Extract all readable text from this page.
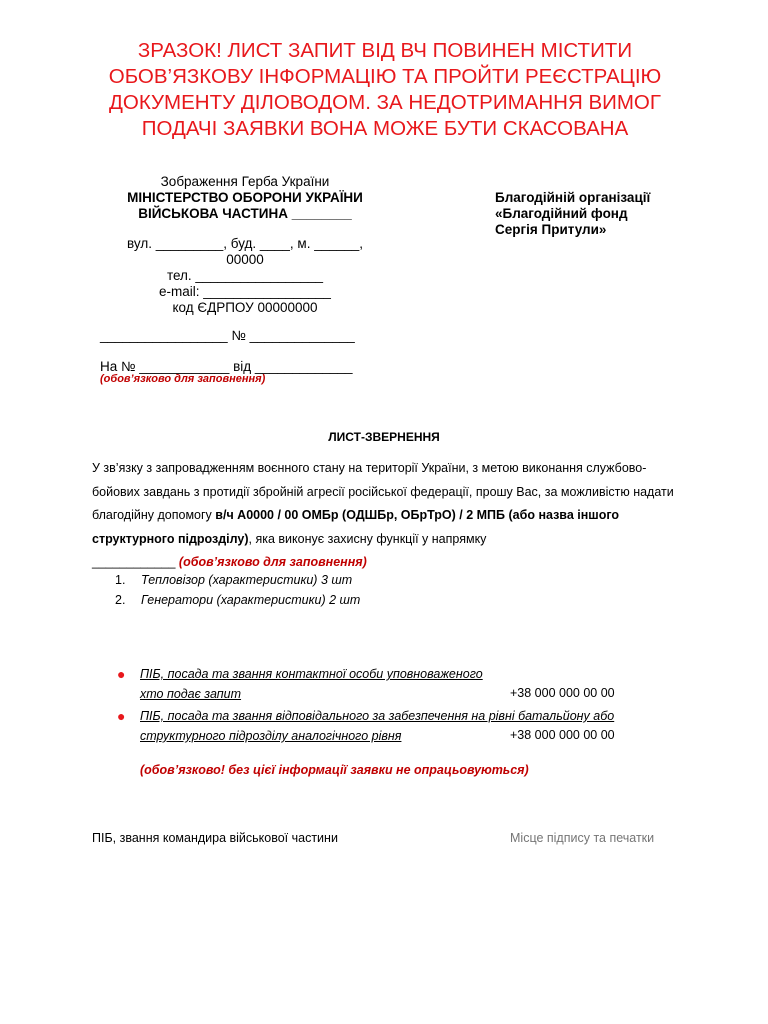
ЗРАЗОК! ЛИСТ ЗАПИТ ВІД ВЧ ПОВИНЕН МІСТИТИ
ОБОВ’ЯЗКОВУ ІНФОРМАЦІЮ ТА ПРОЙТИ РЕЄСТРАЦІЮ
ДОКУМЕНТУ ДІЛОВОДОМ. ЗА НЕДОТРИМАННЯ ВИМОГ
ПОДАЧІ ЗАЯВКИ ВОНА МОЖЕ БУТИ СКАСОВАНА
Зображення Герба України
МІНІСТЕРСТВО ОБОРОНИ УКРАЇНИ
ВІЙСЬКОВА ЧАСТИНА ________
вул. _________, буд. ____, м. ______,
00000
тел. _________________
e-mail: _________________
код ЄДРПОУ 00000000
Благодійній організації
«Благодійний фонд
Сергія Притули»
_________________ № ______________
На № ____________ від _____________
(обов’язково для заповнення)
ЛИСТ-ЗВЕРНЕННЯ
У зв’язку з запровадженням воєнного стану на території України, з метою виконання службово-бойових завдань з протидії збройній агресії російської федерації, прошу Вас, за можливістю надати благодійну допомогу в/ч А0000 / 00 ОМБр (ОДШБр, ОБрТрО) / 2 МПБ (або назва іншого структурного підрозділу), яка виконує захисну функції у напрямку
____________ (обов’язково для заповнення)
1. Тепловізор (характеристики) 3 шт
2. Генератори (характеристики) 2 шт
● ПІБ, посада та звання контактної особи уповноваженого
хто подає запит	+38 000 000 00 00
● ПІБ, посада та звання відповідального за забезпечення на рівні батальйону або
структурного підрозділу аналогічного рівня	+38 000 000 00 00
(обов’язково! без цієї інформації заявки не опрацьовуються)
ПІБ, звання командира військової частини	Місце підпису та печатки
